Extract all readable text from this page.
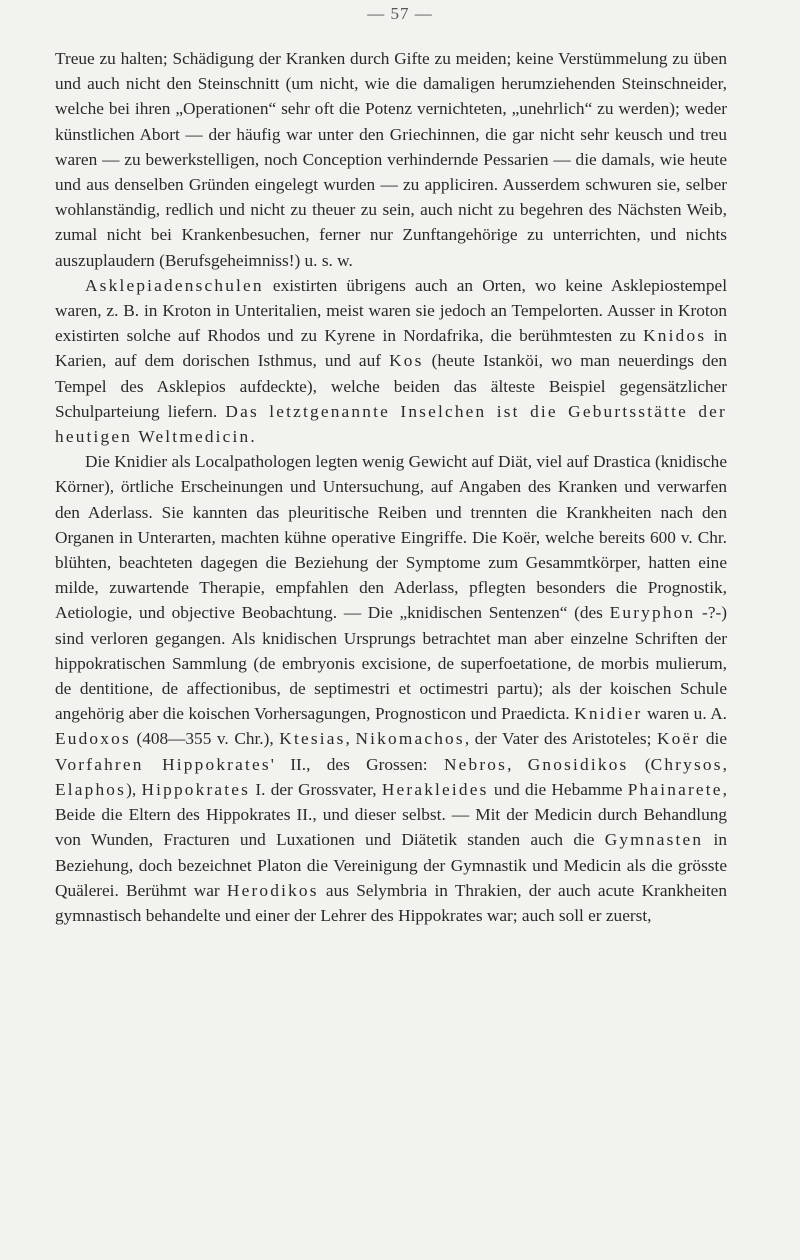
— 57 —

Treue zu halten; Schädigung der Kranken durch Gifte zu meiden; keine Verstümmelung zu üben und auch nicht den Steinschnitt (um nicht, wie die damaligen herumziehenden Steinschneider, welche bei ihren „Operationen“ sehr oft die Potenz vernichteten, „unehrlich“ zu werden); weder künstlichen Abort — der häufig war unter den Griechinnen, die gar nicht sehr keusch und treu waren — zu bewerkstelligen, noch Conception verhindernde Pessarien — die damals, wie heute und aus denselben Gründen eingelegt wurden — zu appliciren. Ausserdem schwuren sie, selber wohlanständig, redlich und nicht zu theuer zu sein, auch nicht zu begehren des Nächsten Weib, zumal nicht bei Krankenbesuchen, ferner nur Zunftangehörige zu unterrichten, und nichts auszuplaudern (Berufsgeheimniss!) u. s. w.

Asklepiadenschulen existirten übrigens auch an Orten, wo keine Asklepiostempel waren, z. B. in Kroton in Unteritalien, meist waren sie jedoch an Tempelorten. Ausser in Kroton existirten solche auf Rhodos und zu Kyrene in Nordafrika, die berühmtesten zu Knidos in Karien, auf dem dorischen Isthmus, und auf Kos (heute Istanköi, wo man neuerdings den Tempel des Asklepios aufdeckte), welche beiden das älteste Beispiel gegensätzlicher Schulparteiung liefern. Das letztgenannte Inselchen ist die Geburtsstätte der heutigen Weltmedicin.

Die Knidier als Localpathologen legten wenig Gewicht auf Diät, viel auf Drastica (knidische Körner), örtliche Erscheinungen und Untersuchung, auf Angaben des Kranken und verwarfen den Aderlass. Sie kannten das pleuritische Reiben und trennten die Krankheiten nach den Organen in Unterarten, machten kühne operative Eingriffe. Die Koër, welche bereits 600 v. Chr. blühten, beachteten dagegen die Beziehung der Symptome zum Gesammtkörper, hatten eine milde, zuwartende Therapie, empfahlen den Aderlass, pflegten besonders die Prognostik, Aetiologie, und objective Beobachtung. — Die „knidischen Sentenzen“ (des Euryphon -?-) sind verloren gegangen. Als knidischen Ursprungs betrachtet man aber einzelne Schriften der hippokratischen Sammlung (de embryonis excisione, de superfoetatione, de morbis mulierum, de dentitione, de affectionibus, de septimestri et octimestri partu); als der koischen Schule angehörig aber die koischen Vorhersagungen, Prognosticon und Praedicta. Knidier waren u. A. Eudoxos (408—355 v. Chr.), Ktesias, Nikomachos, der Vater des Aristoteles; Koër die Vorfahren Hippokrates' II., des Grossen: Nebros, Gnosidikos (Chrysos, Elaphos), Hippokrates I. der Grossvater, Herakleides und die Hebamme Phainarete, Beide die Eltern des Hippokrates II., und dieser selbst. — Mit der Medicin durch Behandlung von Wunden, Fracturen und Luxationen und Diätetik standen auch die Gymnasten in Beziehung, doch bezeichnet Platon die Vereinigung der Gymnastik und Medicin als die grösste Quälerei. Berühmt war Herodikos aus Selymbria in Thrakien, der auch acute Krankheiten gymnastisch behandelte und einer der Lehrer des Hippokrates war; auch soll er zuerst,
